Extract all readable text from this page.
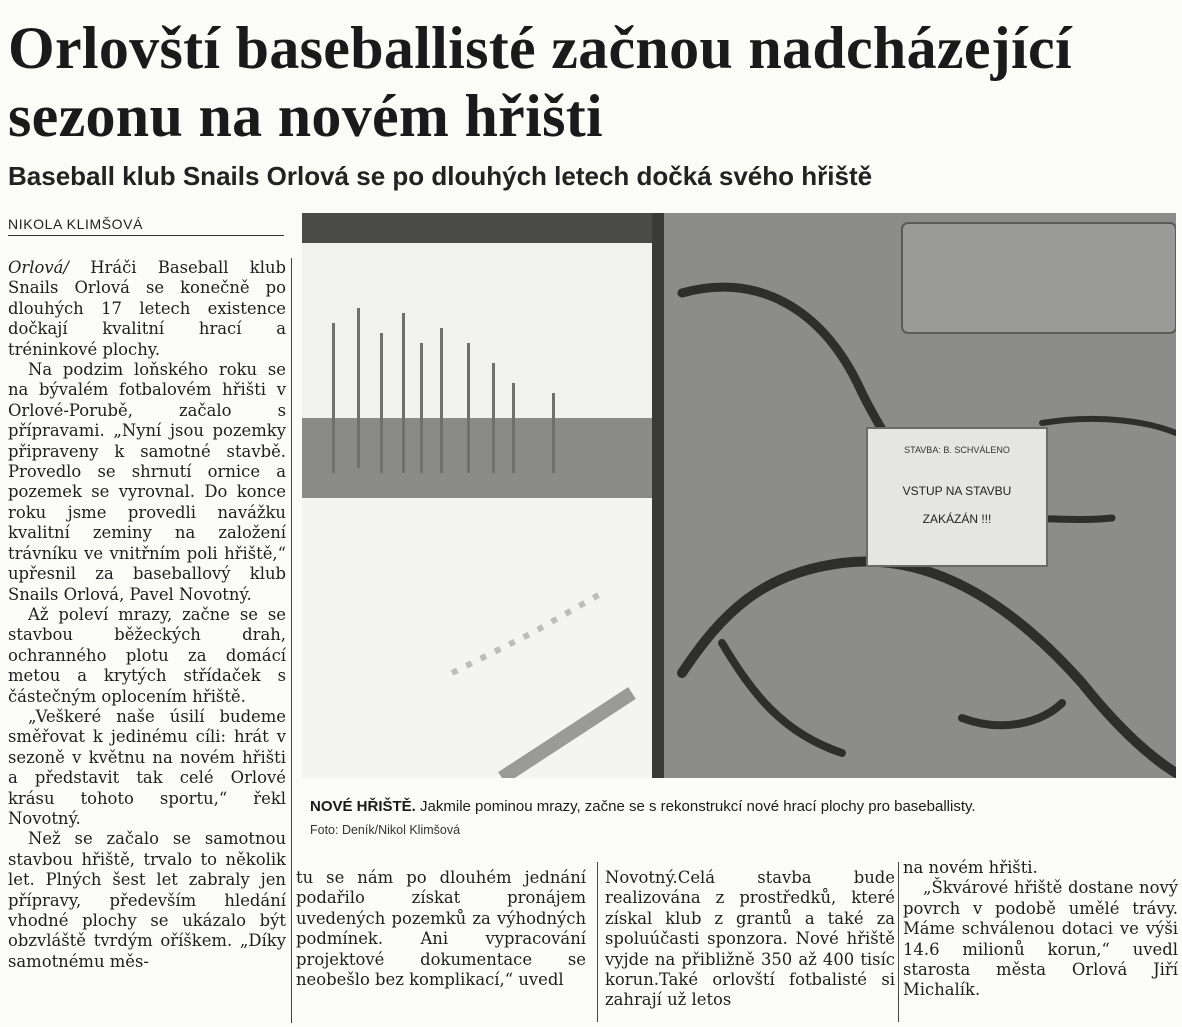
Orlovští baseballisté začnou nadcházející sezonu na novém hřišti
Baseball klub Snails Orlová se po dlouhých letech dočká svého hřiště
NIKOLA KLIMŠOVÁ

Orlová/ Hráči Baseball klub Snails Orlová se konečně po dlouhých 17 letech existence dočkají kvalitní hrací a tréninkové plochy.

Na podzim loňského roku se na bývalém fotbalovém hřišti v Orlové-Porubě, začalo s přípravami. „Nyní jsou pozemky připraveny k samotné stavbě. Provedlo se shrnutí ornice a pozemek se vyrovnal. Do konce roku jsme provedli navážku kvalitní zeminy na založení trávníku ve vnitřním poli hřiště,“ upřesnil za baseballový klub Snails Orlová, Pavel Novotný.

Až poleví mrazy, začne se se stavbou běžeckých drah, ochranného plotu za domácí metou a krytých střídaček s částečným oplocením hřiště.

„Veškeré naše úsilí budeme směřovat k jedinému cíli: hrát v sezoně v květnu na novém hřišti a představit tak celé Orlové krásu tohoto sportu,“ řekl Novotný.

Než se začalo se samotnou stavbou hřiště, trvalo to několik let. Plných šest let zabraly jen přípravy, především hledání vhodné plochy se ukázalo být obzvláště tvrdým oříškem. „Díky samotnému měs-

STAVBA: B. SCHVÁLENO
VSTUP NA STAVBU
ZAKÁZÁN !!!
NOVÉ HŘIŠTĚ. Jakmile pominou mrazy, začne se s rekonstrukcí nové hrací plochy pro baseballisty.
Foto: Deník/Nikol Klimšová

tu se nám po dlouhém jednání podařilo získat pronájem uvedených pozemků za výhodných podmínek. Ani vypracování projektové dokumentace se neobešlo bez komplikací,“ uvedl

Novotný.Celá stavba bude realizována z prostředků, které získal klub z grantů a také za spoluúčasti sponzora. Nové hřiště vyjde na přibližně 350 až 400 tisíc korun.Také orlovští fotbalisté si zahrají už letos

na novém hřišti.

„Škvárové hřiště dostane nový povrch v podobě umělé trávy. Máme schválenou dotaci ve výši 14.6 milionů korun,“ uvedl starosta města Orlová Jiří Michalík.
